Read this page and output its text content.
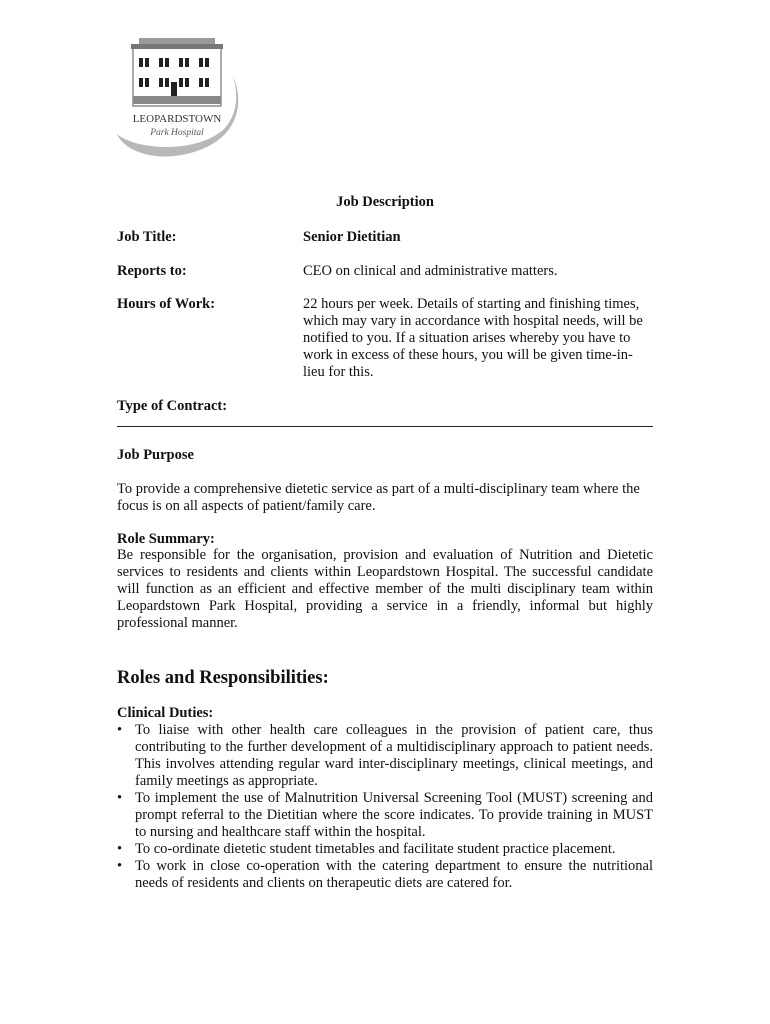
LEOPARDSTOWN
Park Hospital
Job Description
Job Title:	Senior Dietitian
Reports to:	CEO on clinical and administrative matters.
Hours of Work:	22 hours per week. Details of starting and finishing times, which may vary in accordance with hospital needs, will be notified to you. If a situation arises whereby you have to work in excess of these hours, you will be given time-in-lieu for this.
Type of Contract:
Job Purpose
To provide a comprehensive dietetic service as part of a multi-disciplinary team where the focus is on all aspects of patient/family care.
Role Summary:
Be responsible for the organisation, provision and evaluation of Nutrition and Dietetic services to residents and clients within Leopardstown Hospital. The successful candidate will function as an efficient and effective member of the multi disciplinary team within Leopardstown Park Hospital, providing a service in a friendly, informal but highly professional manner.
Roles and Responsibilities:
Clinical Duties:
• To liaise with other health care colleagues in the provision of patient care, thus contributing to the further development of a multidisciplinary approach to patient needs. This involves attending regular ward inter-disciplinary meetings, clinical meetings, and family meetings as appropriate.
• To implement the use of Malnutrition Universal Screening Tool (MUST) screening and prompt referral to the Dietitian where the score indicates. To provide training in MUST to nursing and healthcare staff within the hospital.
• To co-ordinate dietetic student timetables and facilitate student practice placement.
• To work in close co-operation with the catering department to ensure the nutritional needs of residents and clients on therapeutic diets are catered for.
